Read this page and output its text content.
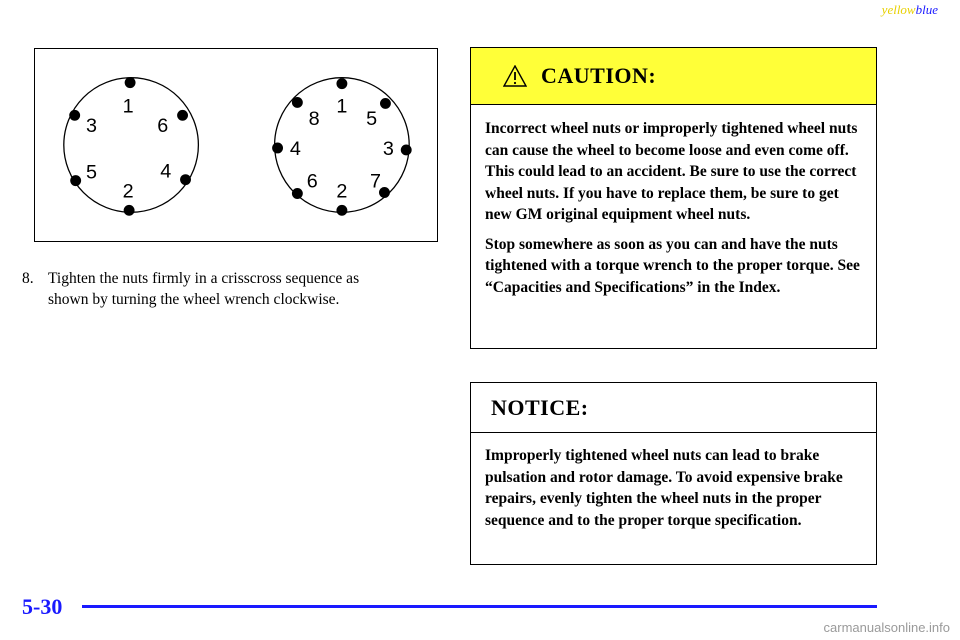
yellowblue
1
2
3
4
5
6
1
2
3
4
5
6	7
8
8. Tighten the nuts firmly in a crisscross sequence as
shown by turning the wheel wrench clockwise.
CAUTION:

Incorrect wheel nuts or improperly tightened wheel nuts can cause the wheel to become loose and even come off. This could lead to an accident. Be sure to use the correct wheel nuts. If you have to replace them, be sure to get new GM original equipment wheel nuts.

Stop somewhere as soon as you can and have the nuts tightened with a torque wrench to the proper torque. See “Capacities and Specifications” in the Index.

NOTICE:

Improperly tightened wheel nuts can lead to brake pulsation and rotor damage. To avoid expensive brake repairs, evenly tighten the wheel nuts in the proper sequence and to the proper torque specification.

5-30
carmanualsonline.info
